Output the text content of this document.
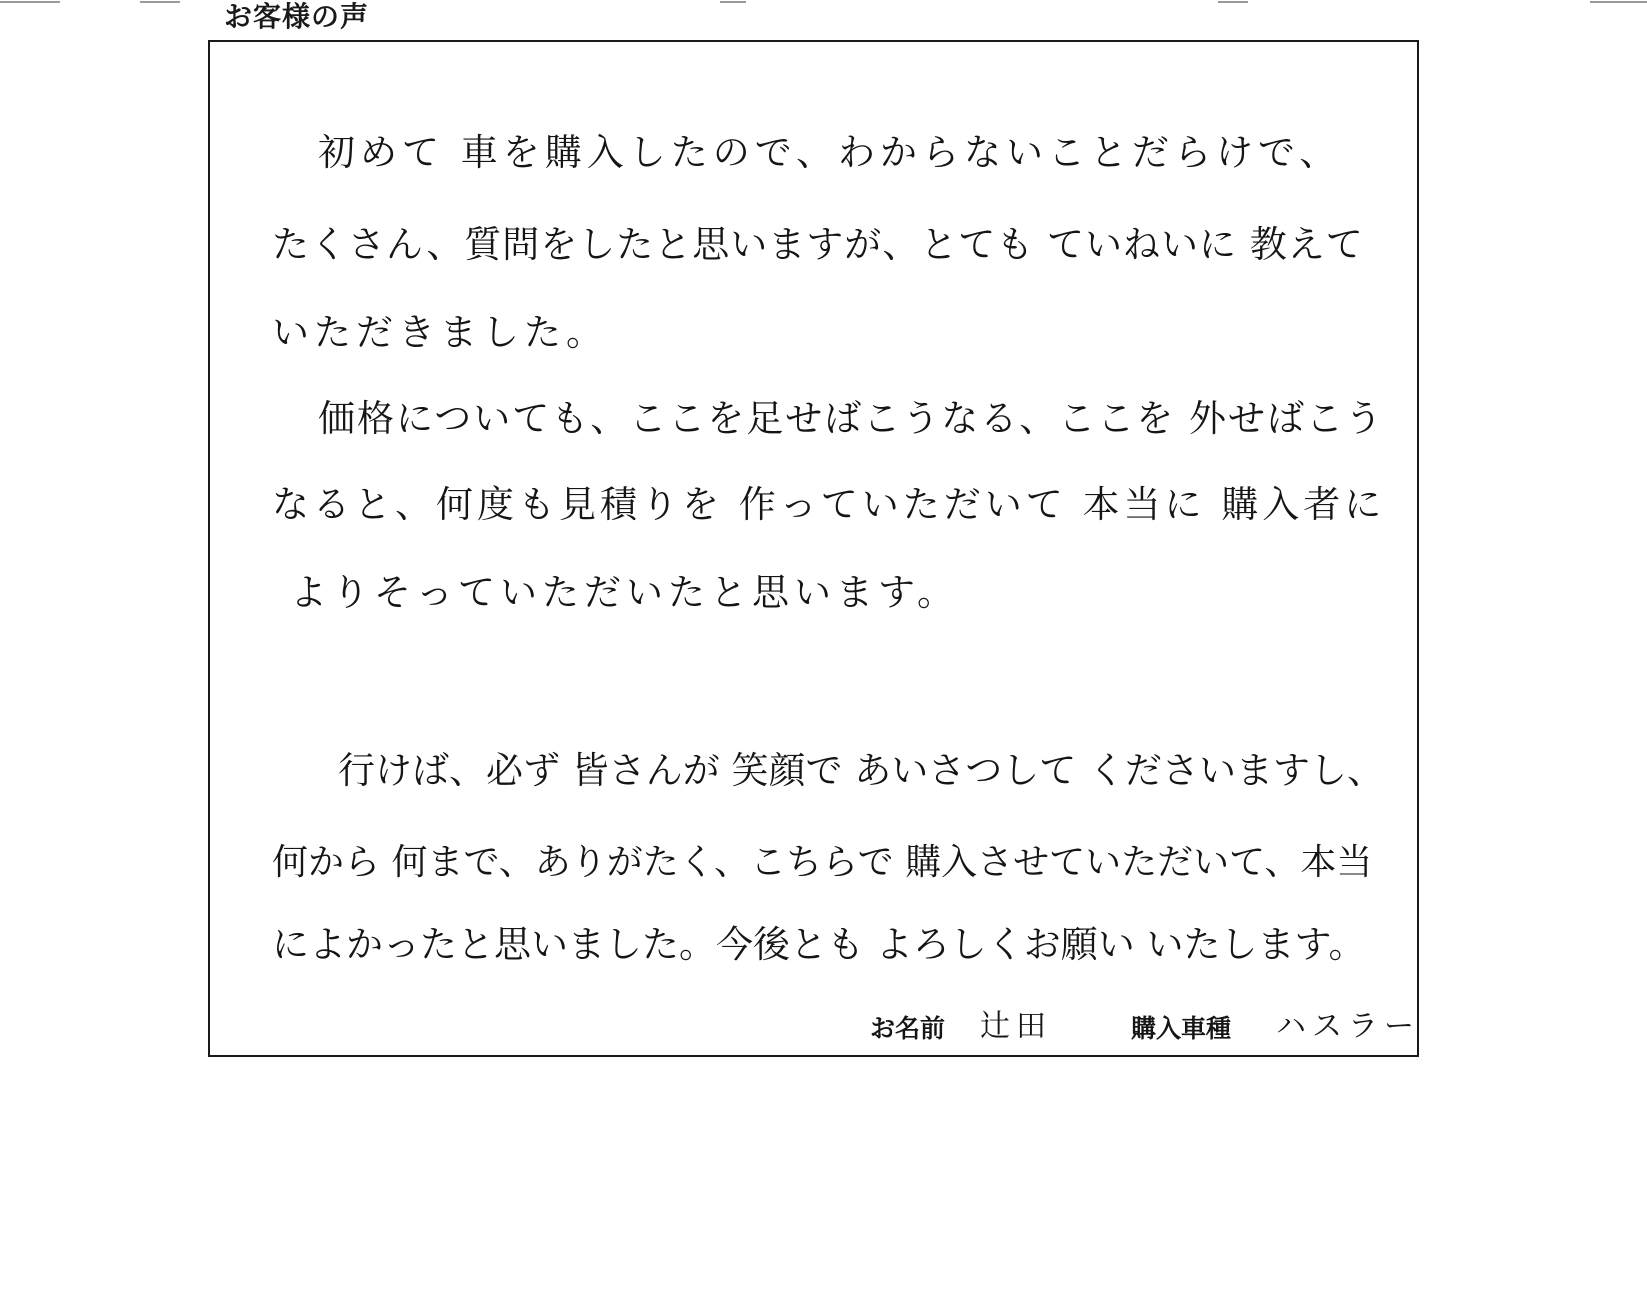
お客様の声
初めて 車を購入したので、わからないことだらけで、
たくさん、質問をしたと思いますが、とても ていねいに 教えて
いただきました。
価格についても、ここを足せばこうなる、ここを 外せばこう
なると、何度も見積りを 作っていただいて 本当に 購入者に
よりそっていただいたと思います。
行けば、必ず 皆さんが 笑顔で あいさつして くださいますし、
何から 何まで、ありがたく、こちらで 購入させていただいて、本当
によかったと思いました。今後とも よろしくお願い いたします。
お名前 辻田	購入車種 ハスラー
